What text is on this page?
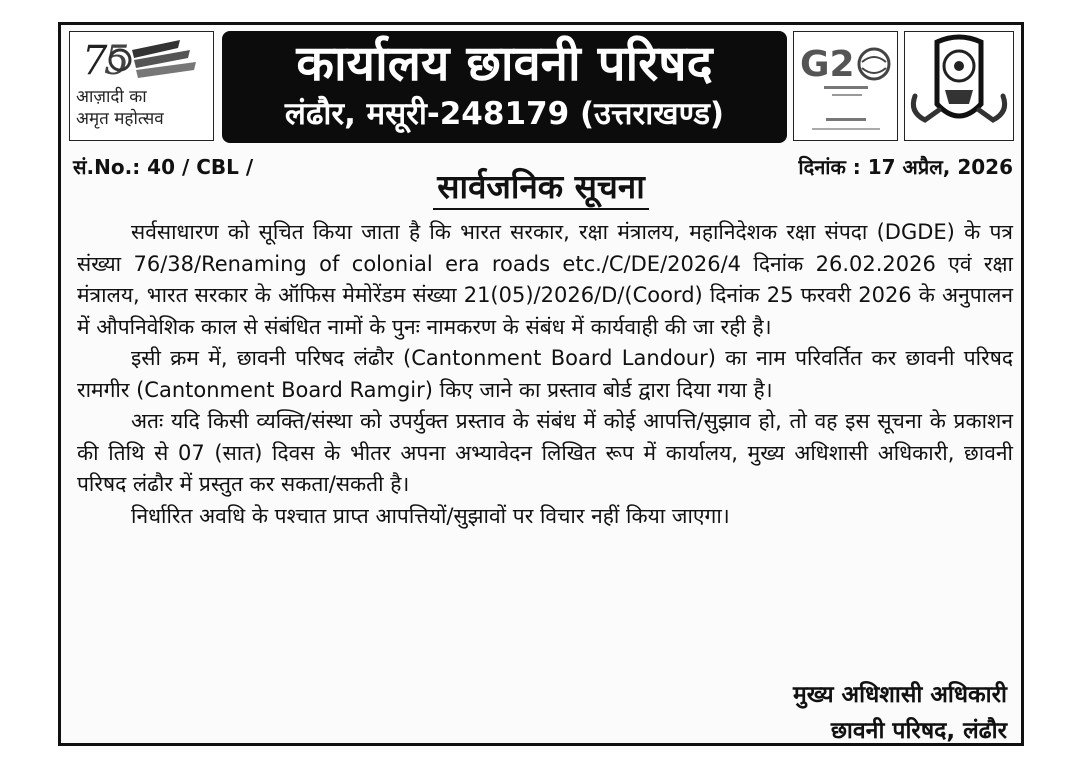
7
5
आज़ादी का
अमृत महोत्सव
कार्यालय छावनी परिषद
लंढौर, मसूरी-248179 (उत्तराखण्ड)
G2
सं.No.: 40 / CBL /	दिनांक : 17 अप्रैल, 2026
सार्वजनिक सूचना

सर्वसाधारण को सूचित किया जाता है कि भारत सरकार, रक्षा मंत्रालय, महानिदेशक रक्षा संपदा (DGDE) के पत्र संख्या 76/38/Renaming of colonial era roads etc./C/DE/2026/4 दिनांक 26.02.2026 एवं रक्षा मंत्रालय, भारत सरकार के ऑफिस मेमोरेंडम संख्या 21(05)/2026/D/(Coord) दिनांक 25 फरवरी 2026 के अनुपालन में औपनिवेशिक काल से संबंधित नामों के पुनः नामकरण के संबंध में कार्यवाही की जा रही है।

इसी क्रम में, छावनी परिषद लंढौर (Cantonment Board Landour) का नाम परिवर्तित कर छावनी परिषद रामगीर (Cantonment Board Ramgir) किए जाने का प्रस्ताव बोर्ड द्वारा दिया गया है।

अतः यदि किसी व्यक्ति/संस्था को उपर्युक्त प्रस्ताव के संबंध में कोई आपत्ति/सुझाव हो, तो वह इस सूचना के प्रकाशन की तिथि से 07 (सात) दिवस के भीतर अपना अभ्यावेदन लिखित रूप में कार्यालय, मुख्य अधिशासी अधिकारी, छावनी परिषद लंढौर में प्रस्तुत कर सकता/सकती है।

निर्धारित अवधि के पश्चात प्राप्त आपत्तियों/सुझावों पर विचार नहीं किया जाएगा।

मुख्य अधिशासी अधिकारी
छावनी परिषद, लंढौर
